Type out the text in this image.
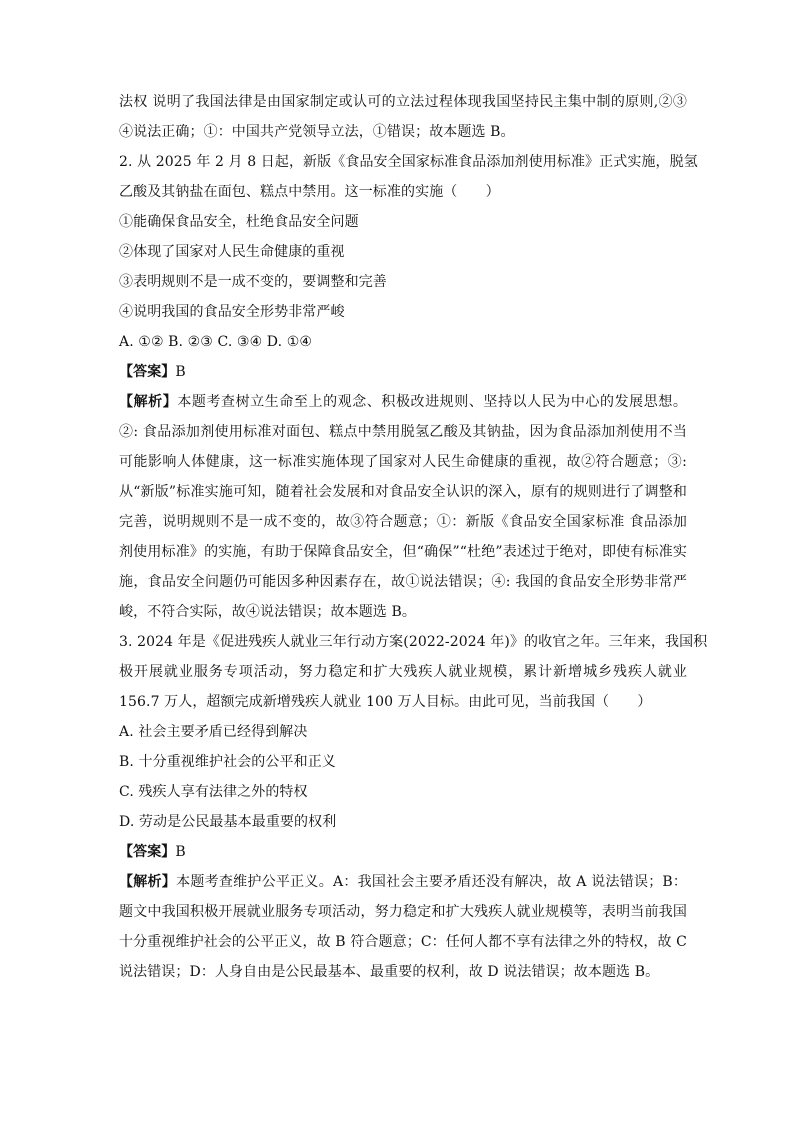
法权 说明了我国法律是由国家制定或认可的立法过程体现我国坚持民主集中制的原则,②③
④说法正确；①：中国共产党领导立法，①错误；故本题选 B。
2. 从 2025 年 2 月 8 日起，新版《食品安全国家标准食品添加剂使用标准》正式实施，脱氢
乙酸及其钠盐在面包、糕点中禁用。这一标准的实施（　　）
①能确保食品安全，杜绝食品安全问题
②体现了国家对人民生命健康的重视
③表明规则不是一成不变的，要调整和完善
④说明我国的食品安全形势非常严峻
A. ①② B. ②③ C. ③④ D. ①④
【答案】B
【解析】本题考查树立生命至上的观念、积极改进规则、坚持以人民为中心的发展思想。
②: 食品添加剂使用标准对面包、糕点中禁用脱氢乙酸及其钠盐，因为食品添加剂使用不当
可能影响人体健康，这一标准实施体现了国家对人民生命健康的重视，故②符合题意；③:
从“新版”标准实施可知，随着社会发展和对食品安全认识的深入，原有的规则进行了调整和
完善，说明规则不是一成不变的，故③符合题意；①：新版《食品安全国家标准 食品添加
剂使用标准》的实施，有助于保障食品安全，但“确保”“杜绝”表述过于绝对，即使有标准实
施，食品安全问题仍可能因多种因素存在，故①说法错误；④: 我国的食品安全形势非常严
峻，不符合实际，故④说法错误；故本题选 B。
3. 2024 年是《促进残疾人就业三年行动方案(2022-2024 年)》的收官之年。三年来，我国积
极开展就业服务专项活动，努力稳定和扩大残疾人就业规模，累计新增城乡残疾人就业
156.7 万人，超额完成新增残疾人就业 100 万人目标。由此可见，当前我国（　　）
A. 社会主要矛盾已经得到解决
B. 十分重视维护社会的公平和正义
C. 残疾人享有法律之外的特权
D. 劳动是公民最基本最重要的权利
【答案】B
【解析】本题考查维护公平正义。A：我国社会主要矛盾还没有解决，故 A 说法错误；B：
题文中我国积极开展就业服务专项活动，努力稳定和扩大残疾人就业规模等，表明当前我国
十分重视维护社会的公平正义，故 B 符合题意；C：任何人都不享有法律之外的特权，故 C
说法错误；D：人身自由是公民最基本、最重要的权利，故 D 说法错误；故本题选 B。
